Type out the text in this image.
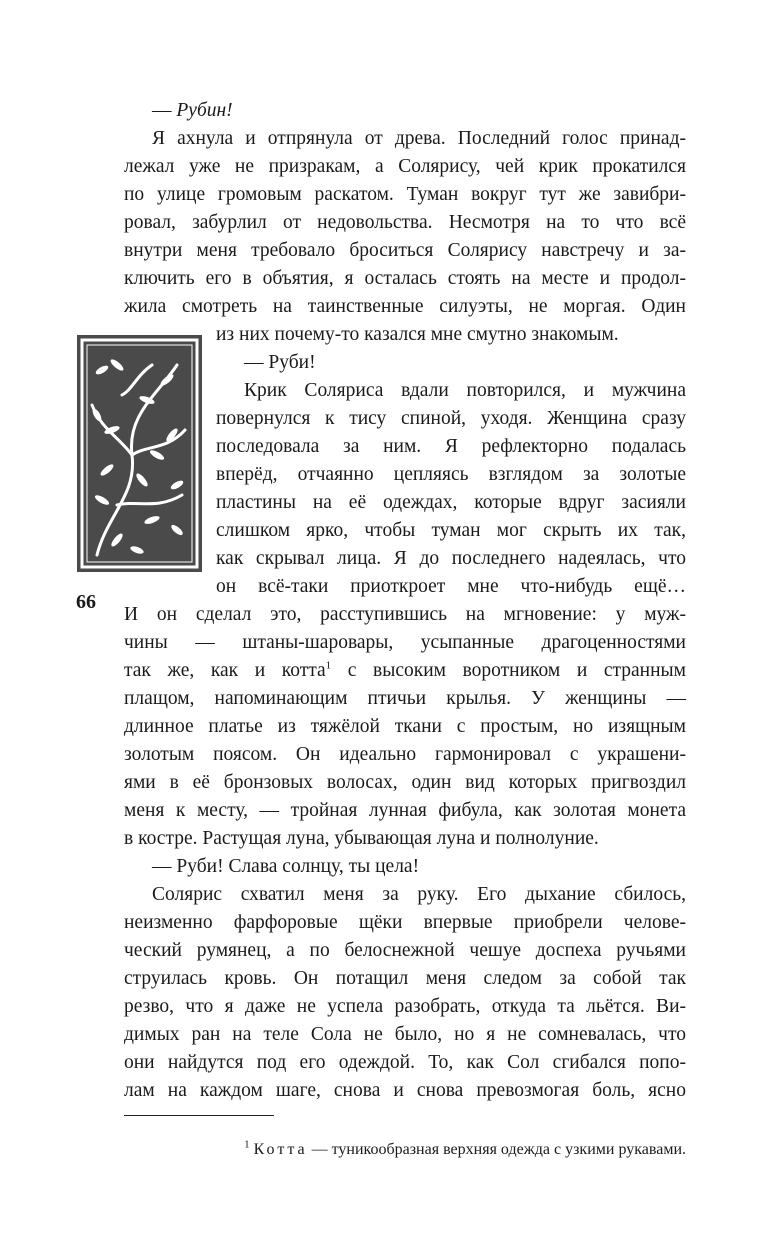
66
— Рубин!
Я ахнула и отпрянула от древа. Последний голос принад-
лежал уже не призракам, а Солярису, чей крик прокатился
по улице громовым раскатом. Туман вокруг тут же завибри-
ровал, забурлил от недовольства. Несмотря на то что всё
внутри меня требовало броситься Солярису навстречу и за-
ключить его в объятия, я осталась стоять на месте и продол-
жила смотреть на таинственные силуэты, не моргая. Один
из них почему-то казался мне смутно знакомым.
— Руби!
Крик Соляриса вдали повторился, и мужчина
повернулся к тису спиной, уходя. Женщина сразу
последовала за ним. Я рефлекторно подалась
вперёд, отчаянно цепляясь взглядом за золотые
пластины на её одеждах, которые вдруг засияли
слишком ярко, чтобы туман мог скрыть их так,
как скрывал лица. Я до последнего надеялась, что
он всё-таки приоткроет мне что-нибудь ещё…
И он сделал это, расступившись на мгновение: у муж-
чины — штаны-шаровары, усыпанные драгоценностями
так же, как и котта$^1$ с высоким воротником и странным
плащом, напоминающим птичьи крылья. У женщины —
длинное платье из тяжёлой ткани с простым, но изящным
золотым поясом. Он идеально гармонировал с украшени-
ями в её бронзовых волосах, один вид которых пригвоздил
меня к месту, — тройная лунная фибула, как золотая монета
в костре. Растущая луна, убывающая луна и полнолуние.
— Руби! Слава солнцу, ты цела!
Солярис схватил меня за руку. Его дыхание сбилось,
неизменно фарфоровые щёки впервые приобрели челове-
ческий румянец, а по белоснежной чешуе доспеха ручьями
струилась кровь. Он потащил меня следом за собой так
резво, что я даже не успела разобрать, откуда та льётся. Ви-
димых ран на теле Сола не было, но я не сомневалась, что
они найдутся под его одеждой. То, как Сол сгибался попо-
лам на каждом шаге, снова и снова превозмогая боль, ясно
$^1$ Котта — туникообразная верхняя одежда с узкими рукавами.
